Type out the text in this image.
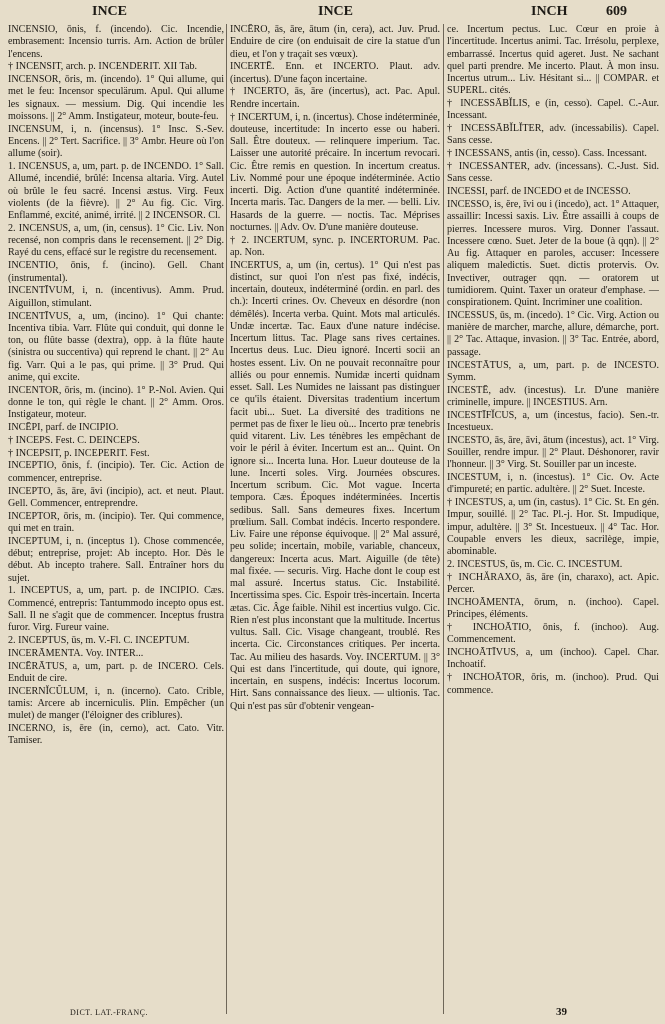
INCE	INCE	INCH	609

INCENSIO, ōnis, f. (incendo). Cic. Incendie, embrasement: Incensio turris. Arn. Action de brûler l'encens.

† INCENSIT, arch. p. INCENDERIT. XII Tab.

INCENSOR, ōris, m. (incendo). 1° Qui allume, qui met le feu: Incensor speculärum. Apul. Qui allume les signaux. — messium. Dig. Qui incendie les moissons. || 2° Amm. Instigateur, moteur, boute-feu.

INCENSUM, i, n. (incensus). 1° Insc. S.-Sev. Encens. || 2° Tert. Sacrifice. || 3° Ambr. Heure où l'on allume (soir).

1. INCENSUS, a, um, part. p. de INCENDO. 1° Sall. Allumé, incendié, brûlé: Incensa altaria. Virg. Autel où brûle le feu sacré. Incensi æstus. Virg. Feux violents (de la fièvre). || 2° Au fig. Cic. Virg. Enflammé, excité, animé, irrité. || 2 INCENSOR. Cl.

2. INCENSUS, a, um, (in, census). 1° Cic. Liv. Non recensé, non compris dans le recensement. || 2° Dig. Rayé du cens, effacé sur le registre du recensement.

INCENTIO, ōnis, f. (incino). Gell. Chant (instrumental).

INCENTĪVUM, i, n. (incentivus). Amm. Prud. Aiguillon, stimulant.

INCENTĪVUS, a, um, (incino). 1° Qui chante: Incentiva tibia. Varr. Flûte qui conduit, qui donne le ton, ou flûte basse (dextra), opp. à la flûte haute (sinistra ou succentiva) qui reprend le chant. || 2° Au fig. Varr. Qui a le pas, qui prime. || 3° Prud. Qui anime, qui excite.

INCENTOR, ōris, m. (incino). 1° P.-Nol. Avien. Qui donne le ton, qui règle le chant. || 2° Amm. Oros. Instigateur, moteur.

INCĒPI, parf. de INCIPIO.

† INCEPS. Fest. C. DEINCEPS.

† INCEPSIT, p. INCEPERIT. Fest.

INCEPTIO, ōnis, f. (incipio). Ter. Cic. Action de commencer, entreprise.

INCEPTO, ās, āre, āvi (incipio), act. et neut. Plaut. Gell. Commencer, entreprendre.

INCEPTOR, ōris, m. (incipio). Ter. Qui commence, qui met en train.

INCEPTUM, i, n. (inceptus 1). Chose commencée, début; entreprise, projet: Ab incepto. Hor. Dès le début. Ab incepto trahere. Sall. Entraîner hors du sujet.

1. INCEPTUS, a, um, part. p. de INCIPIO. Cæs. Commencé, entrepris: Tantummodo incepto opus est. Sall. Il ne s'agit que de commencer. Inceptus frustra furor. Virg. Fureur vaine.

2. INCEPTUS, ūs, m. V.-Fl. C. INCEPTUM.

INCERĀMENTA. Voy. INTER...

INCĒRĀTUS, a, um, part. p. de INCERO. Cels. Enduit de cire.

INCERNĬCŬLUM, i, n. (incerno). Cato. Crible, tamis: Arcere ab incerniculis. Plin. Empêcher (un mulet) de manger (l'éloigner des criblures).

INCERNO, is, ēre (in, cerno), act. Cato. Vitr. Tamiser.

INCĒRO, ās, āre, ātum (in, cera), act. Juv. Prud. Enduire de cire (on enduisait de cire la statue d'un dieu, et l'on y traçait ses vœux).

INCERTĒ. Enn. et INCERTO. Plaut. adv. (incertus). D'une façon incertaine.

† INCERTO, ās, āre (incertus), act. Pac. Apul. Rendre incertain.

† INCERTUM, i, n. (incertus). Chose indéterminée, douteuse, incertitude: In incerto esse ou haberi. Sall. Être douteux. — relinquere imperium. Tac. Laisser une autorité précaire. In incertum revocari. Cic. Être remis en question. In incertum creatus. Liv. Nommé pour une époque indéterminée. Actio incerti. Dig. Action d'une quantité indéterminée. Incerta maris. Tac. Dangers de la mer. — belli. Liv. Hasards de la guerre. — noctis. Tac. Méprises nocturnes. || Adv. Ov. D'une manière douteuse.

† 2. INCERTUM, sync. p. INCERTORUM. Pac. ap. Non.

INCERTUS, a, um (in, certus). 1° Qui n'est pas distinct, sur quoi l'on n'est pas fixé, indécis, incertain, douteux, indéterminé (ordin. en parl. des ch.): Incerti crines. Ov. Cheveux en désordre (non démêlés). Incerta verba. Quint. Mots mal articulés. Undæ incertæ. Tac. Eaux d'une nature indécise. Incertum littus. Tac. Plage sans rives certaines. Incertus deus. Luc. Dieu ignoré. Incerti socii an hostes essent. Liv. On ne pouvait reconnaître pour alliés ou pour ennemis. Numidæ incerti quidnam esset. Sall. Les Numides ne laissant pas distinguer ce qu'ils étaient. Diversitas tradentium incertum facit ubi... Suet. La diversité des traditions ne permet pas de fixer le lieu où... Incerto præ tenebris quid vitarent. Liv. Les ténèbres les empêchant de voir le péril à éviter. Incertum est an... Quint. On ignore si... Incerta luna. Hor. Lueur douteuse de la lune. Incerti soles. Virg. Journées obscures. Incertum scribum. Cic. Mot vague. Incerta tempora. Cæs. Époques indéterminées. Incertis sedibus. Sall. Sans demeures fixes. Incertum prœlium. Sall. Combat indécis. Incerto respondere. Liv. Faire une réponse équivoque. || 2° Mal assuré, peu solide; incertain, mobile, variable, chanceux, dangereux: Incerta acus. Mart. Aiguille (de tête) mal fixée. — securis. Virg. Hache dont le coup est mal assuré. Incertus status. Cic. Instabilité. Incertissima spes. Cic. Espoir très-incertain. Incerta ætas. Cic. Âge faible. Nihil est incertius vulgo. Cic. Rien n'est plus inconstant que la multitude. Incertus vultus. Sall. Cic. Visage changeant, troublé. Res incerta. Cic. Circonstances critiques. Per incerta. Tac. Au milieu des hasards. Voy. INCERTUM. || 3° Qui est dans l'incertitude, qui doute, qui ignore, incertain, en suspens, indécis: Incertus locorum. Hirt. Sans connaissance des lieux. — ultionis. Tac. Qui n'est pas sûr d'obtenir vengean-

ce. Incertum pectus. Luc. Cœur en proie à l'incertitude. Incertus animi. Tac. Irrésolu, perplexe, embarrassé. Incertus quid ageret. Just. Ne sachant quel parti prendre. Me incerto. Plaut. À mon insu. Incertus utrum... Liv. Hésitant si... || COMPAR. et SUPERL. cités.

† INCESSĀBĬLIS, e (in, cesso). Capel. C.-Aur. Incessant.

† INCESSĀBĬLĬTER, adv. (incessabilis). Capel. Sans cesse.

† INCESSANS, antis (in, cesso). Cass. Incessant.

† INCESSANTER, adv. (incessans). C.-Just. Sid. Sans cesse.

INCESSI, parf. de INCEDO et de INCESSO.

INCESSO, is, ĕre, īvi ou i (incedo), act. 1° Attaquer, assaillir: Incessi saxis. Liv. Être assailli à coups de pierres. Incessere muros. Virg. Donner l'assaut. Incessere cœno. Suet. Jeter de la boue (à qqn). || 2° Au fig. Attaquer en paroles, accuser: Incessere aliquem maledictis. Suet. dictis protervis. Ov. Invectiver, outrager qqn. — oratorem ut tumidiorem. Quint. Taxer un orateur d'emphase. — conspirationem. Quint. Incriminer une coalition.

INCESSUS, ūs, m. (incedo). 1° Cic. Virg. Action ou manière de marcher, marche, allure, démarche, port. || 2° Tac. Attaque, invasion. || 3° Tac. Entrée, abord, passage.

INCESTĀTUS, a, um, part. p. de INCESTO. Symm.

INCESTĒ, adv. (incestus). Lr. D'une manière criminelle, impure. || INCESTIUS. Arn.

INCESTĪFĬCUS, a, um (incestus, facio). Sen.-tr. Incestueux.

INCESTO, ās, āre, āvi, ātum (incestus), act. 1° Virg. Souiller, rendre impur. || 2° Plaut. Déshonorer, ravir l'honneur. || 3° Virg. St. Souiller par un inceste.

INCESTUM, i, n. (incestus). 1° Cic. Ov. Acte d'impureté; en partic. adultère. || 2° Suet. Inceste.

† INCESTUS, a, um (in, castus). 1° Cic. St. En gén. Impur, souillé. || 2° Tac. Pl.-j. Hor. St. Impudique, impur, adultère. || 3° St. Incestueux. || 4° Tac. Hor. Coupable envers les dieux, sacrilège, impie, abominable.

2. INCESTUS, ūs, m. Cic. C. INCESTUM.

† INCHĂRAXO, ās, āre (in, charaxo), act. Apic. Percer.

INCHOĀMENTA, ōrum, n. (inchoo). Capel. Principes, éléments.

† INCHOĀTIO, ōnis, f. (inchoo). Aug. Commencement.

INCHOĀTĪVUS, a, um (inchoo). Capel. Char. Inchoatif.

† INCHOĀTOR, ōris, m. (inchoo). Prud. Qui commence.

DICT. LAT.-FRANÇ.	39
